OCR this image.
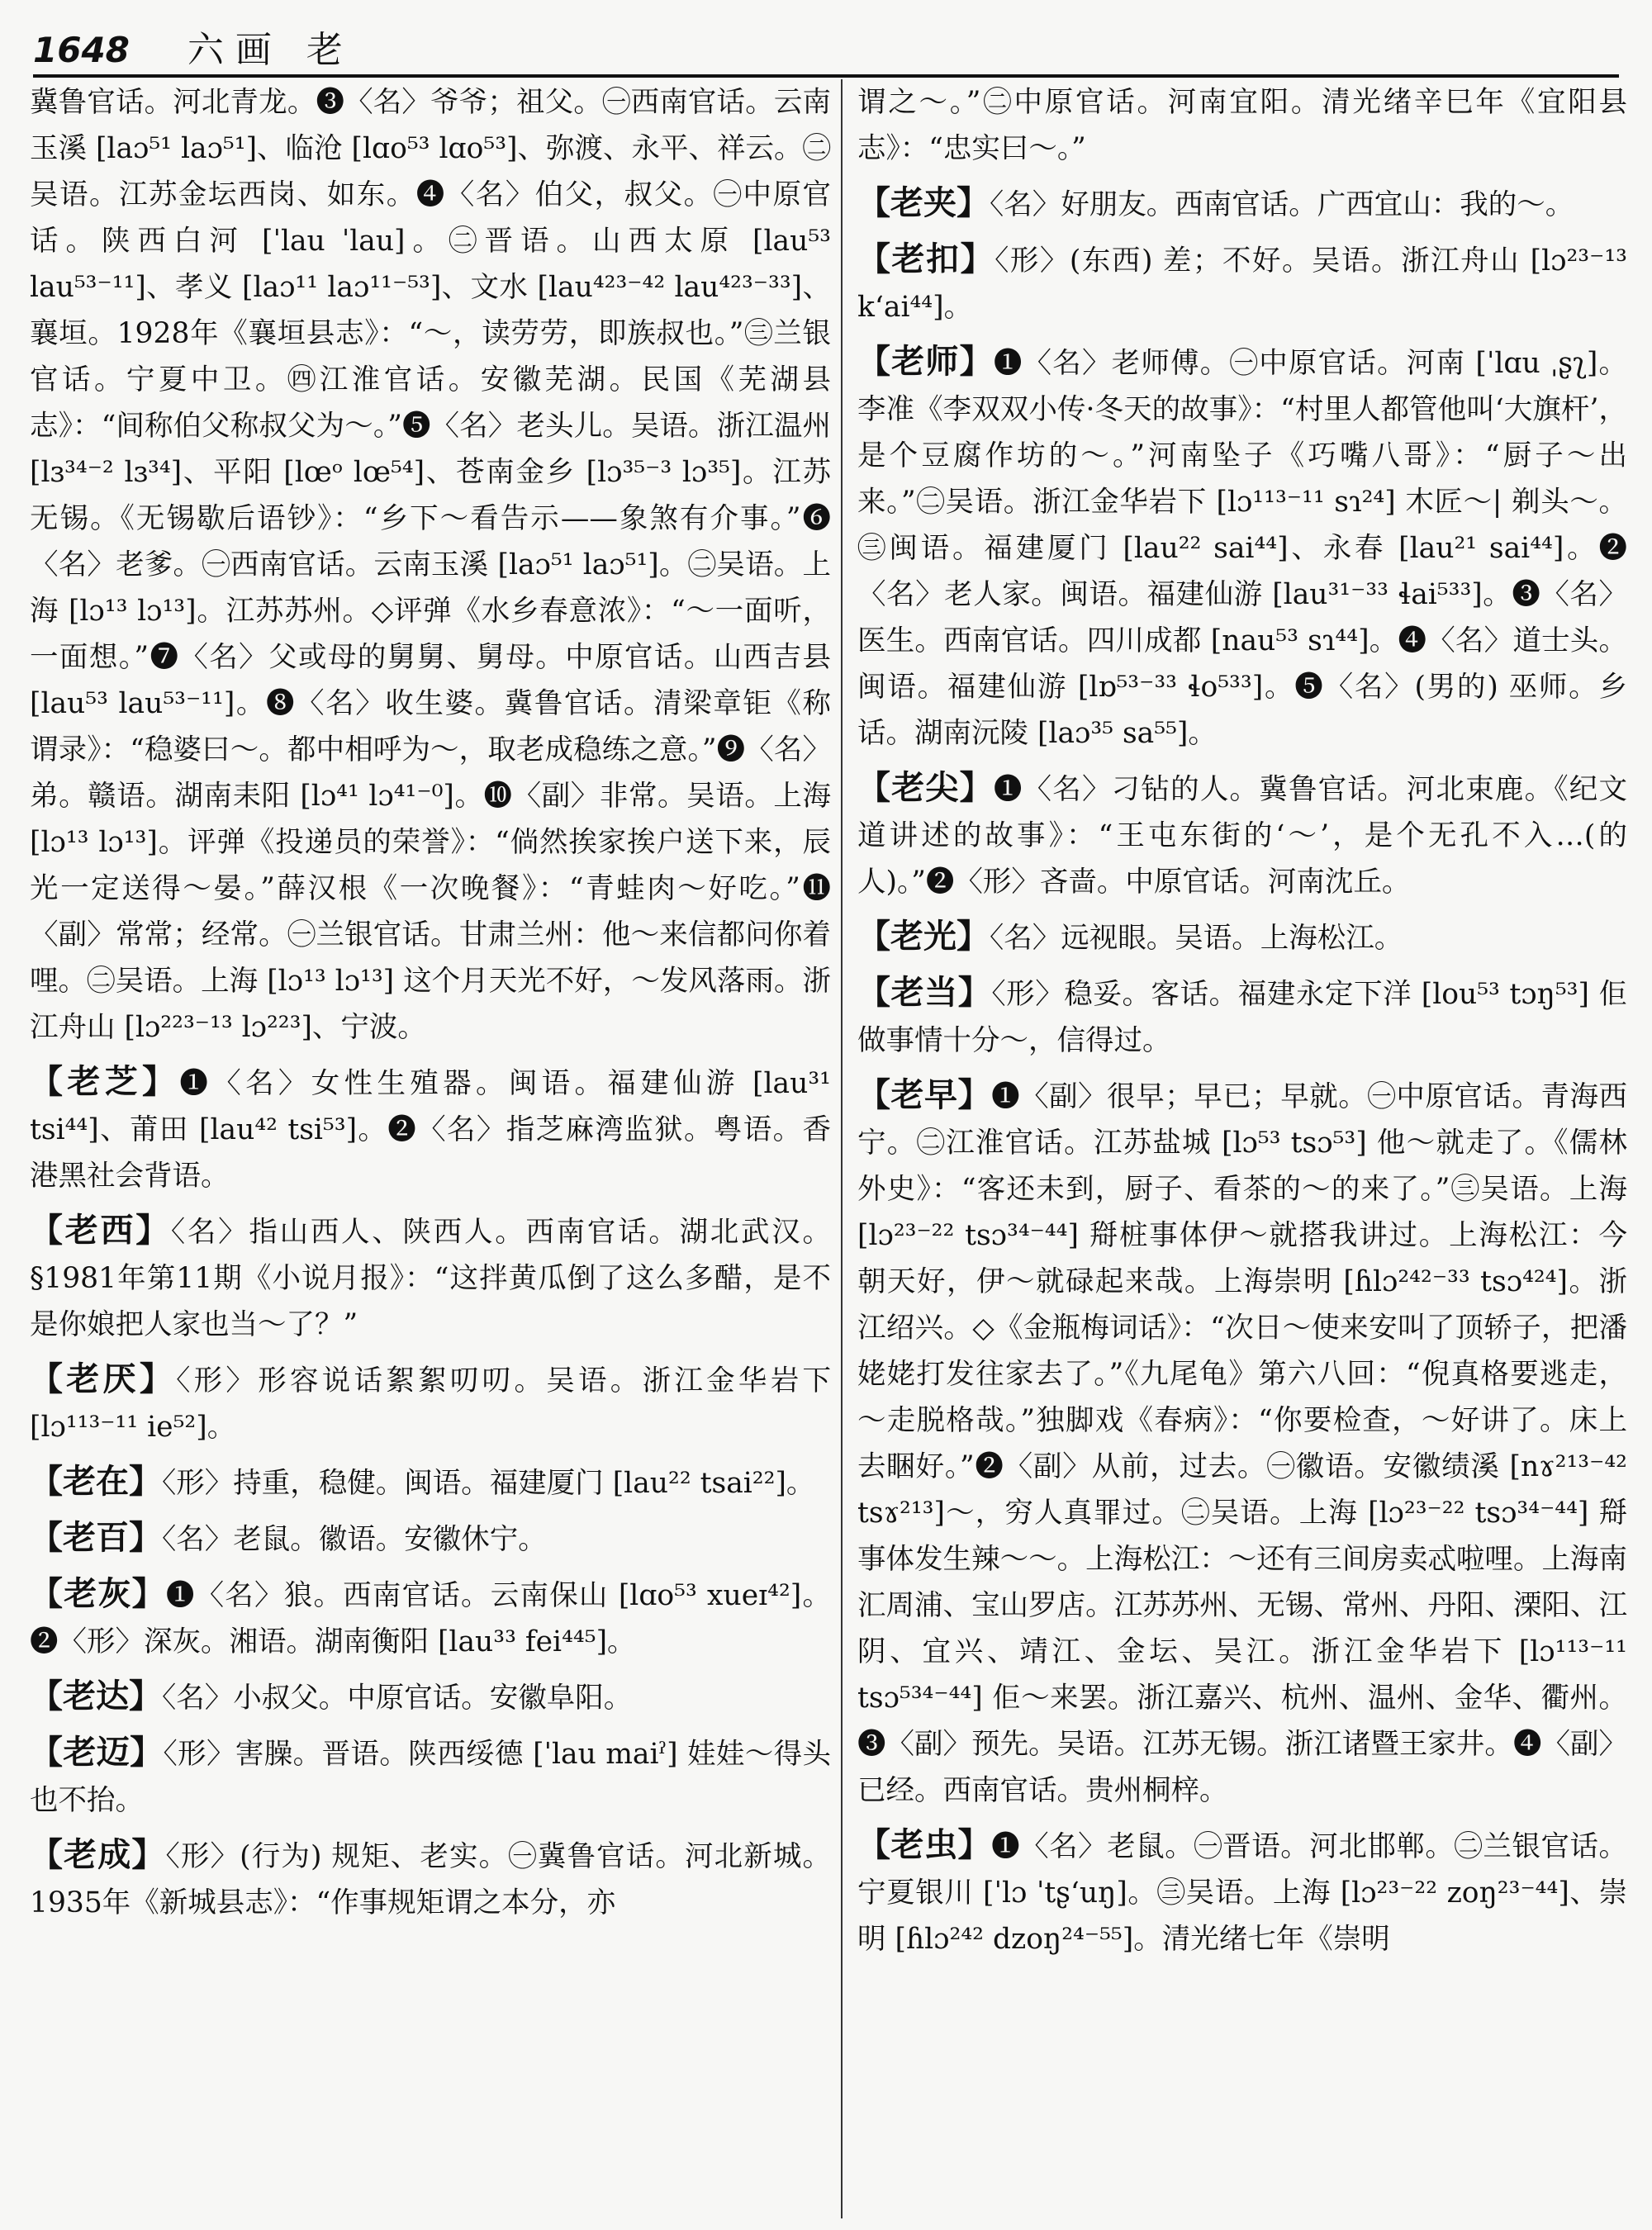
1648 六画 老

冀鲁官话。河北青龙。❸〈名〉爷爷；祖父。㊀西南官话。云南玉溪 [laɔ⁵¹ laɔ⁵¹]、临沧 [lɑo⁵³ lɑo⁵³]、弥渡、永平、祥云。㊁吴语。江苏金坛西岗、如东。❹〈名〉伯父，叔父。㊀中原官话。陕西白河 [ˈlau ˈlau]。㊁晋语。山西太原 [lau⁵³ lau⁵³⁻¹¹]、孝义 [laɔ¹¹ laɔ¹¹⁻⁵³]、文水 [lau⁴²³⁻⁴² lau⁴²³⁻³³]、襄垣。1928年《襄垣县志》：“～，读劳劳，即族叔也。”㊂兰银官话。宁夏中卫。㊃江淮官话。安徽芜湖。民国《芜湖县志》：“间称伯父称叔父为～。”❺〈名〉老头儿。吴语。浙江温州 [lɜ³⁴⁻² lɜ³⁴]、平阳 [lœᵒ lœ⁵⁴]、苍南金乡 [lɔ³⁵⁻³ lɔ³⁵]。江苏无锡。《无锡歇后语钞》：“乡下～看告示——象煞有介事。”❻〈名〉老爹。㊀西南官话。云南玉溪 [laɔ⁵¹ laɔ⁵¹]。㊁吴语。上海 [lɔ¹³ lɔ¹³]。江苏苏州。◇评弹《水乡春意浓》：“～一面听，一面想。”❼〈名〉父或母的舅舅、舅母。中原官话。山西吉县 [lau⁵³ lau⁵³⁻¹¹]。❽〈名〉收生婆。冀鲁官话。清梁章钜《称谓录》：“稳婆曰～。都中相呼为～，取老成稳练之意。”❾〈名〉弟。赣语。湖南耒阳 [lɔ⁴¹ lɔ⁴¹⁻⁰]。❿〈副〉非常。吴语。上海 [lɔ¹³ lɔ¹³]。评弹《投递员的荣誉》：“倘然挨家挨户送下来，辰光一定送得～晏。”薛汉根《一次晚餐》：“青蛙肉～好吃。”⓫〈副〉常常；经常。㊀兰银官话。甘肃兰州：他～来信都问你着哩。㊁吴语。上海 [lɔ¹³ lɔ¹³] 这个月天光不好，～发风落雨。浙江舟山 [lɔ²²³⁻¹³ lɔ²²³]、宁波。

【老芝】❶〈名〉女性生殖器。闽语。福建仙游 [lau³¹ tsi⁴⁴]、莆田 [lau⁴² tsi⁵³]。❷〈名〉指芝麻湾监狱。粤语。香港黑社会背语。

【老西】〈名〉指山西人、陕西人。西南官话。湖北武汉。§1981年第11期《小说月报》：“这拌黄瓜倒了这么多醋，是不是你娘把人家也当～了？”

【老厌】〈形〉形容说话絮絮叨叨。吴语。浙江金华岩下 [lɔ¹¹³⁻¹¹ ie⁵²]。

【老在】〈形〉持重，稳健。闽语。福建厦门 [lau²² tsai²²]。

【老百】〈名〉老鼠。徽语。安徽休宁。

【老灰】❶〈名〉狼。西南官话。云南保山 [lɑo⁵³ xueɪ⁴²]。❷〈形〉深灰。湘语。湖南衡阳 [lau³³ fei⁴⁴⁵]。

【老达】〈名〉小叔父。中原官话。安徽阜阳。

【老迈】〈形〉害臊。晋语。陕西绥德 [ˈlau maiˀ] 娃娃～得头也不抬。

【老成】〈形〉(行为) 规矩、老实。㊀冀鲁官话。河北新城。1935年《新城县志》：“作事规矩谓之本分，亦

谓之～。”㊁中原官话。河南宜阳。清光绪辛巳年《宜阳县志》：“忠实曰～。”

【老夹】〈名〉好朋友。西南官话。广西宜山：我的～。

【老扣】〈形〉(东西) 差；不好。吴语。浙江舟山 [lɔ²³⁻¹³ kʻai⁴⁴]。

【老师】❶〈名〉老师傅。㊀中原官话。河南 [ˈlɑu ˌʂʅ]。李准《李双双小传·冬天的故事》：“村里人都管他叫‘大旗杆’，是个豆腐作坊的～。”河南坠子《巧嘴八哥》：“厨子～出来。”㊁吴语。浙江金华岩下 [lɔ¹¹³⁻¹¹ sɿ²⁴] 木匠～| 剃头～。㊂闽语。福建厦门 [lau²² sai⁴⁴]、永春 [lau²¹ sai⁴⁴]。❷〈名〉老人家。闽语。福建仙游 [lau³¹⁻³³ ɬai⁵³³]。❸〈名〉医生。西南官话。四川成都 [nau⁵³ sɿ⁴⁴]。❹〈名〉道士头。闽语。福建仙游 [lɒ⁵³⁻³³ ɬo⁵³³]。❺〈名〉(男的) 巫师。乡话。湖南沅陵 [laɔ³⁵ sa⁵⁵]。

【老尖】❶〈名〉刁钻的人。冀鲁官话。河北束鹿。《纪文道讲述的故事》：“王屯东街的‘～’，是个无孔不入…(的人)。”❷〈形〉吝啬。中原官话。河南沈丘。

【老光】〈名〉远视眼。吴语。上海松江。

【老当】〈形〉稳妥。客话。福建永定下洋 [lou⁵³ tɔŋ⁵³] 佢做事情十分～，信得过。

【老早】❶〈副〉很早；早已；早就。㊀中原官话。青海西宁。㊁江淮官话。江苏盐城 [lɔ⁵³ tsɔ⁵³] 他～就走了。《儒林外史》：“客还未到，厨子、看茶的～的来了。”㊂吴语。上海 [lɔ²³⁻²² tsɔ³⁴⁻⁴⁴] 搿桩事体伊～就搭我讲过。上海松江：今朝天好，伊～就碌起来哉。上海崇明 [ɦlɔ²⁴²⁻³³ tsɔ⁴²⁴]。浙江绍兴。◇《金瓶梅词话》：“次日～使来安叫了顶轿子，把潘姥姥打发往家去了。”《九尾龟》第六八回：“倪真格要逃走，～走脱格哉。”独脚戏《春病》：“你要检查，～好讲了。床上去睏好。”❷〈副〉从前，过去。㊀徽语。安徽绩溪 [nɤ²¹³⁻⁴² tsɤ²¹³]～，穷人真罪过。㊁吴语。上海 [lɔ²³⁻²² tsɔ³⁴⁻⁴⁴] 搿事体发生辣～～。上海松江：～还有三间房卖忒啦哩。上海南汇周浦、宝山罗店。江苏苏州、无锡、常州、丹阳、溧阳、江阴、宜兴、靖江、金坛、吴江。浙江金华岩下 [lɔ¹¹³⁻¹¹ tsɔ⁵³⁴⁻⁴⁴] 佢～来罢。浙江嘉兴、杭州、温州、金华、衢州。❸〈副〉预先。吴语。江苏无锡。浙江诸暨王家井。❹〈副〉已经。西南官话。贵州桐梓。

【老虫】❶〈名〉老鼠。㊀晋语。河北邯郸。㊁兰银官话。宁夏银川 [ˈlɔ ˈtʂʻuŋ]。㊂吴语。上海 [lɔ²³⁻²² zoŋ²³⁻⁴⁴]、崇明 [ɦlɔ²⁴² dzoŋ²⁴⁻⁵⁵]。清光绪七年《崇明
